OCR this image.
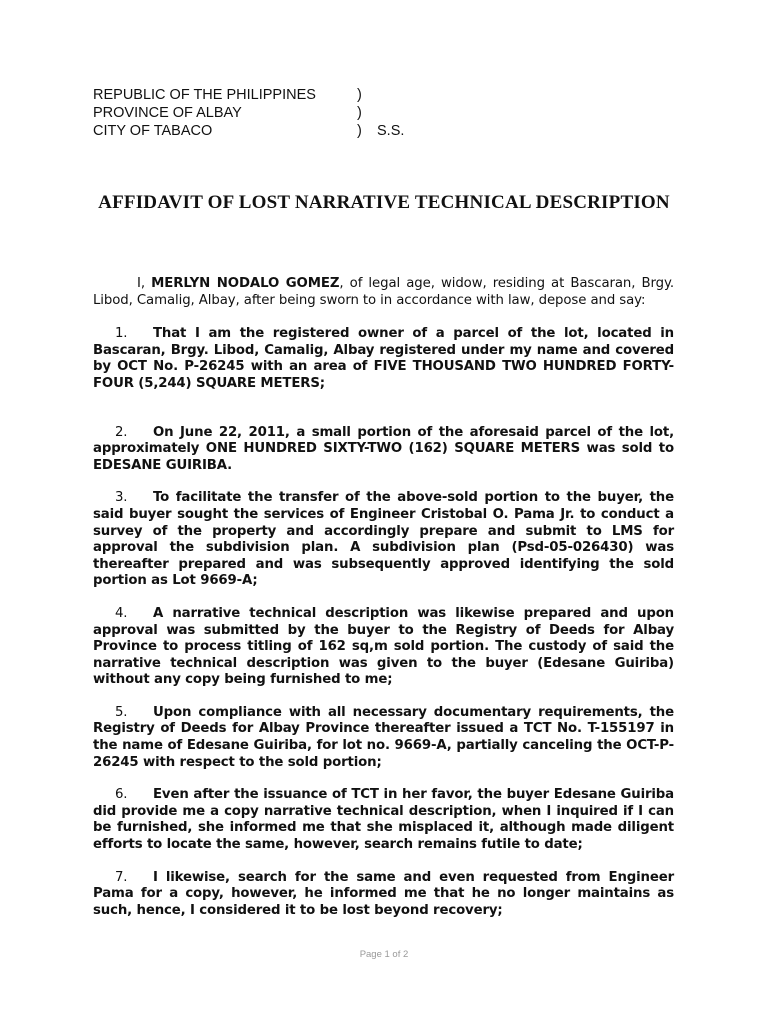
REPUBLIC OF THE PHILIPPINES	)
PROVINCE OF ALBAY	)
CITY OF TABACO	)	S.S.
AFFIDAVIT OF LOST NARRATIVE TECHNICAL DESCRIPTION

I, MERLYN NODALO GOMEZ, of legal age, widow, residing at Bascaran, Brgy. Libod, Camalig, Albay, after being sworn to in accordance with law, depose and say:

1. That I am the registered owner of a parcel of the lot, located in Bascaran, Brgy. Libod, Camalig, Albay registered under my name and covered by OCT No. P-26245 with an area of FIVE THOUSAND TWO HUNDRED FORTY-FOUR (5,244) SQUARE METERS;

2. On June 22, 2011, a small portion of the aforesaid parcel of the lot, approximately ONE HUNDRED SIXTY-TWO (162) SQUARE METERS was sold to EDESANE GUIRIBA.

3. To facilitate the transfer of the above-sold portion to the buyer, the said buyer sought the services of Engineer Cristobal O. Pama Jr. to conduct a survey of the property and accordingly prepare and submit to LMS for approval the subdivision plan. A subdivision plan (Psd-05-026430) was thereafter prepared and was subsequently approved identifying the sold portion as Lot 9669-A;

4. A narrative technical description was likewise prepared and upon approval was submitted by the buyer to the Registry of Deeds for Albay Province to process titling of 162 sq,m sold portion. The custody of said the narrative technical description was given to the buyer (Edesane Guiriba) without any copy being furnished to me;

5. Upon compliance with all necessary documentary requirements, the Registry of Deeds for Albay Province thereafter issued a TCT No. T-155197 in the name of Edesane Guiriba, for lot no. 9669-A, partially canceling the OCT-P-26245 with respect to the sold portion;

6. Even after the issuance of TCT in her favor, the buyer Edesane Guiriba did provide me a copy narrative technical description, when I inquired if I can be furnished, she informed me that she misplaced it, although made diligent efforts to locate the same, however, search remains futile to date;

7. I likewise, search for the same and even requested from Engineer Pama for a copy, however, he informed me that he no longer maintains as such, hence, I considered it to be lost beyond recovery;

Page 1 of 2
